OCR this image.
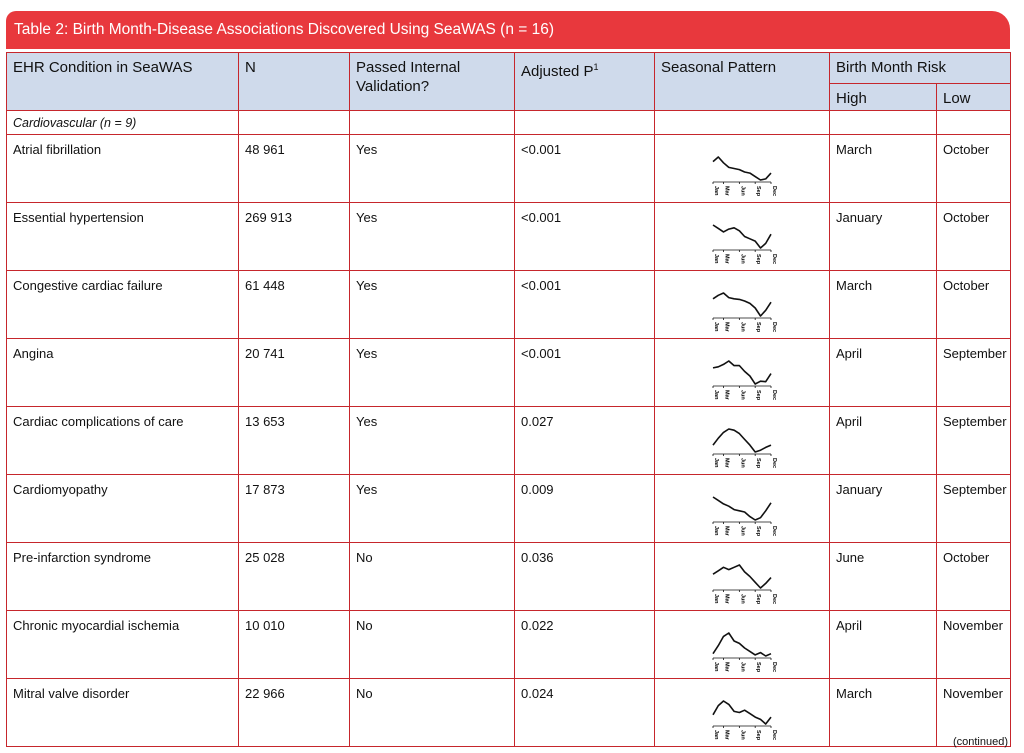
Table 2: Birth Month-Disease Associations Discovered Using SeaWAS (n = 16)
EHR Condition in SeaWAS	N	Passed Internal Validation?	Adjusted $P^1$	Seasonal Pattern	Birth Month Risk	
					High	Low
Cardiovascular (n = 9)						
Atrial fibrillation	48 961	Yes	<0.001	Jan Mar Jun Sep Dec	March	October
Essential hypertension	269 913	Yes	<0.001	Jan Mar Jun Sep Dec	January	October
Congestive cardiac failure	61 448	Yes	<0.001	Jan Mar Jun Sep Dec	March	October
Angina	20 741	Yes	<0.001	Jan Mar Jun Sep Dec	April	September
Cardiac complications of care	13 653	Yes	0.027	Jan Mar Jun Sep Dec	April	September
Cardiomyopathy	17 873	Yes	0.009	Jan Mar Jun Sep Dec	January	September
Pre-infarction syndrome	25 028	No	0.036	Jan Mar Jun Sep Dec	June	October
Chronic myocardial ischemia	10 010	No	0.022	Jan Mar Jun Sep Dec	April	November
Mitral valve disorder	22 966	No	0.024	Jan Mar Jun Sep Dec	March	November
(continued)
